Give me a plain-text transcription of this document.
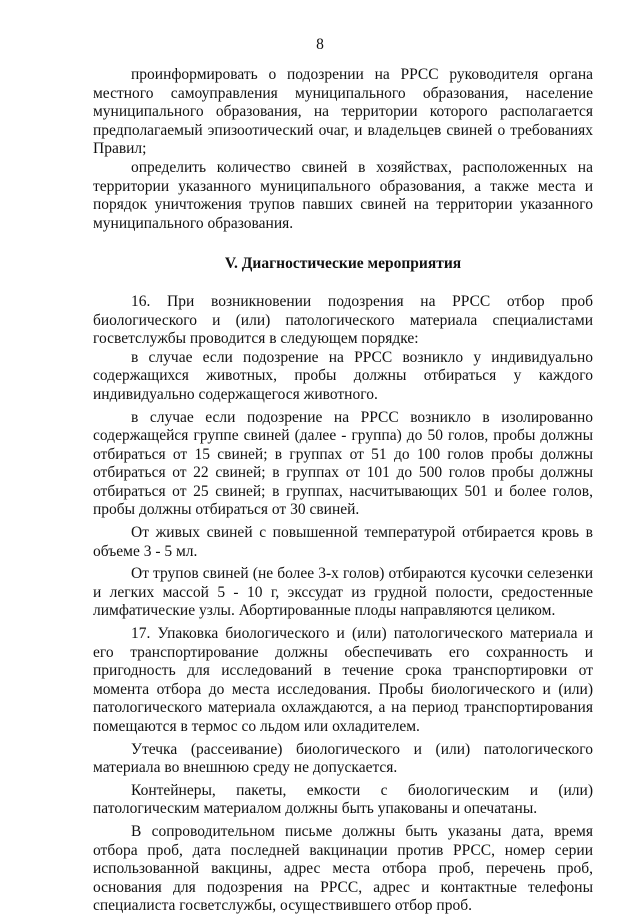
8

проинформировать о подозрении на РРСС руководителя органа местного самоуправления муниципального образования, население муниципального образования, на территории которого располагается предполагаемый эпизоотический очаг, и владельцев свиней о требованиях Правил;

определить количество свиней в хозяйствах, расположенных на территории указанного муниципального образования, а также места и порядок уничтожения трупов павших свиней на территории указанного муниципального образования.

V. Диагностические мероприятия

16. При возникновении подозрения на РРСС отбор проб биологического и (или) патологического материала специалистами госветслужбы проводится в следующем порядке:

в случае если подозрение на РРСС возникло у индивидуально содержащихся животных, пробы должны отбираться у каждого индивидуально содержащегося животного.

в случае если подозрение на РРСС возникло в изолированно содержащейся группе свиней (далее - группа) до 50 голов, пробы должны отбираться от 15 свиней; в группах от 51 до 100 голов пробы должны отбираться от 22 свиней; в группах от 101 до 500 голов пробы должны отбираться от 25 свиней; в группах, насчитывающих 501 и более голов, пробы должны отбираться от 30 свиней.

От живых свиней с повышенной температурой отбирается кровь в объеме 3 - 5 мл.

От трупов свиней (не более 3-х голов) отбираются кусочки селезенки и легких массой 5 - 10 г, экссудат из грудной полости, средостенные лимфатические узлы. Абортированные плоды направляются целиком.

17. Упаковка биологического и (или) патологического материала и его транспортирование должны обеспечивать его сохранность и пригодность для исследований в течение срока транспортировки от момента отбора до места исследования. Пробы биологического и (или) патологического материала охлаждаются, а на период транспортирования помещаются в термос со льдом или охладителем.

Утечка (рассеивание) биологического и (или) патологического материала во внешнюю среду не допускается.

Контейнеры, пакеты, емкости с биологическим и (или) патологическим материалом должны быть упакованы и опечатаны.

В сопроводительном письме должны быть указаны дата, время отбора проб, дата последней вакцинации против РРСС, номер серии использованной вакцины, адрес места отбора проб, перечень проб, основания для подозрения на РРСС, адрес и контактные телефоны специалиста госветслужбы, осуществившего отбор проб.
